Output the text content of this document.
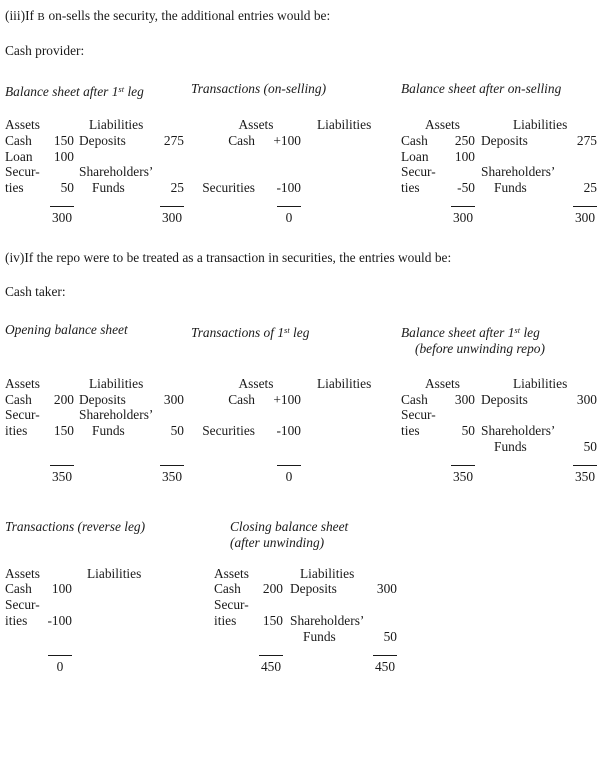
(iii)If B on-sells the security, the additional entries would be:

Cash provider:

Balance sheet after 1st leg
Assets	Liabilities
Cash	150 Deposits	275
Loan	100
Secur-	Shareholders’
ties	50	Funds	25
300	300
Transactions (on-selling)
Assets	Liabilities
Cash	+100
Securities	-100
0
Balance sheet after on-selling
Assets	Liabilities
Cash	250 Deposits	275
Loan	100
Secur-	Shareholders’
ties	-50	Funds	25
300	300

(iv)If the repo were to be treated as a transaction in securities, the entries would be:

Cash taker:

Opening balance sheet
Assets	Liabilities
Cash	200 Deposits	300
Secur-	Shareholders’
ities	150	Funds	50
350	350
Transactions of 1st leg
Assets	Liabilities
Cash	+100
Securities	-100
0
Balance sheet after 1st leg
(before unwinding repo)
Assets	Liabilities
Cash	300 Deposits	300
Secur-
ties	50 Shareholders’
Funds	50
350	350
Transactions (reverse leg)
Assets	Liabilities
Cash	100
Secur-
ities	-100
0
Closing balance sheet
(after unwinding)
Assets	Liabilities
Cash	200 Deposits	300
Secur-
ities	150 Shareholders’
Funds	50
450	450
